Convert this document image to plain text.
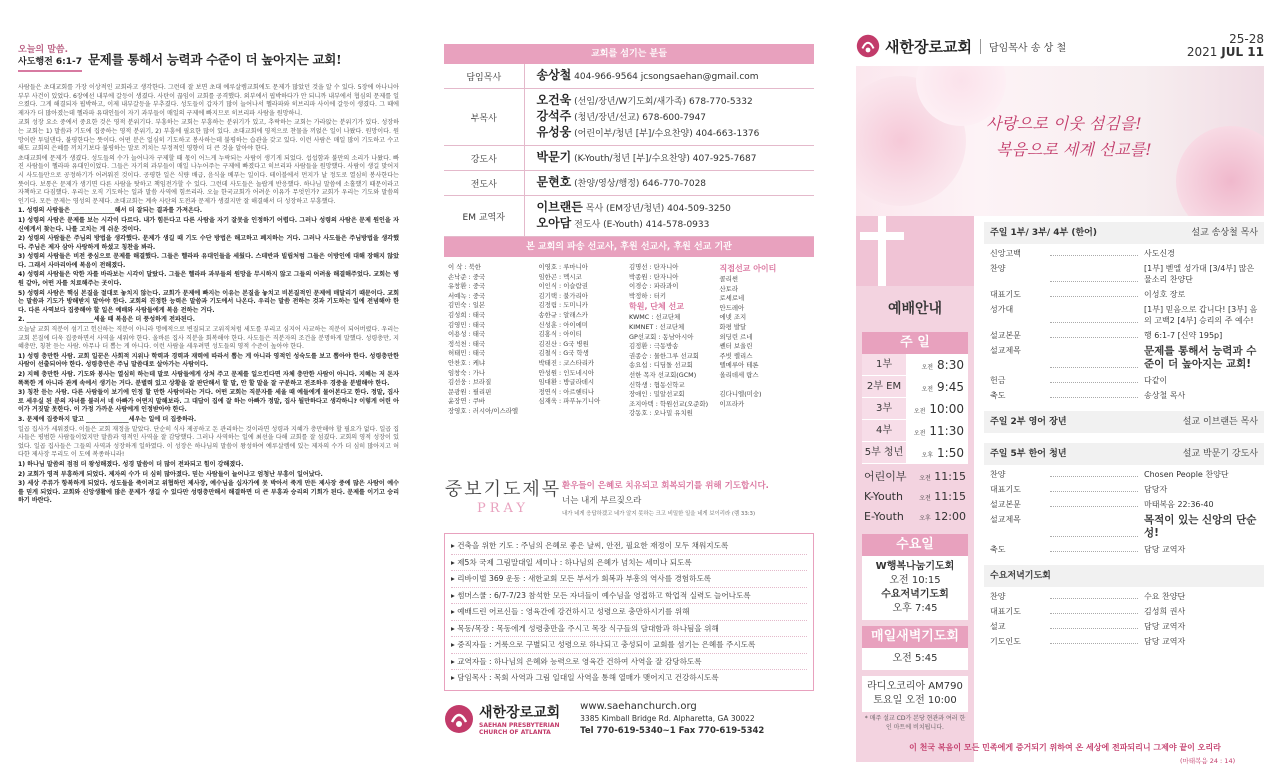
오늘의 말씀.
사도행전 6:1-7 문제를 통해서 능력과 수준이 더 높아지는 교회!

사람들은 초대교회를 가장 이상적인 교회라고 생각한다. 그런데 잘 보면 초대 예루살렘교회에도 문제가 많았던 것을 알 수 있다. 5장에 아나니아 부부 사건이 있었다. 6장에선 내부에 갈등이 생겼다. 사탄이 끊임이 교회를 공격했다. 외부에서 핍박하다가 안 되니까 내부에서 협심의 문제를 일으켰다. 그게 해결되자 핍박하고, 이제 내부갈등을 부추겼다. 성도들이 갑자기 많이 늘어나서 헬라파와 히브리파 사이에 갈등이 생겼다. 그 때에 제자가 더 많아졌는데 헬라파 유대인들이 자기 과부들이 매일의 구제에 빠지므로 히브리파 사람을 원망하니.

교회 성장 요소 중에서 중요한 것은 영적 분위기다. 부흥하는 교회는 부흥하는 분위기가 있고, 추락하는 교회는 가라앉는 분위기가 있다. 성장하는 교회는 1) 말씀과 기도에 집중하는 영적 분위기, 2) 부흥에 필요한 많이 있다. 초대교회에 영적으로 찬물을 끼얹은 일이 나왔다. 원망이다. 원망이란 투덜댄다, 불평한다는 뜻이다. 어떤 분은 얼심히 기도하고 봉사하는데 불평하는 습관을 갖고 있다. 이런 사람은 매일 많이 기도하고 수고해도 교회의 은혜를 끼치기보다 불평하는 말로 끼치는 부정적인 영향이 더 큰 것을 알아야 한다.

초대교회에 문제가 생겼다. 성도들의 수가 늘어나자 구제할 때 몫이 어느게 누락되는 사람이 생기게 되었다. 섭섭함과 불만의 소리가 나왔다. 빠진 사람들이 헬라파 유대인이었다. 그들은 자기의 과부들이 매일 나누어주는 구제에 빠졌다고 히브리파 사람들을 원망했다. 사람이 생길 맞어지시 사도들만으로 공정하기가 어려워진 것이다. 공평한 일은 식량 배급, 음식을 베푸는 일이다. 테이블에서 먼지가 날 정도로 열심히 봉사한다는 뜻이다. 보통은 문제가 생기면 다른 사람을 탓하고 책임전가할 수 있다. 그런데 사도들은 놀랍게 반응했다. 하나님 말씀에 소홀했기 때문이라고 자책하고 다짐했다. 우리는 오직 기도하는 일과 말씀 사역에 힘쓰리라. 오늘 한국교회가 어려운 이유가 무엇인가? 교회가 우리는 기도와 말씀의 인기다. 모든 문제는 영성의 문제다. 초대교회는 계속 사탄의 도전과 문제가 생겼지만 잘 해결해서 더 성장하고 부흥했다.

1. 성령의 사람들은 ______________해서 더 잘되는 결과를 가져온다.

1) 성령의 사람은 문제를 보는 시각이 다르다. 내가 힘든다고 다른 사람을 자기 잘못을 인정하기 어렵다. 그러나 성령의 사람은 문제 원인을 자신에게서 찾는다. 나를 고치는 게 쉬운 것이다.

2) 성령의 사람들은 주님의 방법을 생각했다. 문제가 생길 때 기도 수단 방법은 해고하고 폐지하는 거다. 그러나 사도들은 주님방법을 생각했다. 주님은 제자 삼아 사랑하게 하셨고 칭찬을 봐라.

3) 성령의 사람들은 비전 중심으로 문제를 해결했다. 그들은 헬라파 유대인들을 세웠다. 스데반과 빌립처럼 그들은 이방인에 대해 장해지 않았다. 그래서 사마리아에 복음이 전해졌다.

4) 성령의 사람들은 악한 자를 바라보는 시각이 달랐다. 그들은 헬라파 과부들의 원망을 무시하지 않고 그들의 어려움 해결해주었다. 교회는 병원 같아, 어떤 자를 치료해주는 곳이다.

5) 성령의 사람은 핵심 본질을 절대로 놓치지 않는다. 교회가 문제에 빠지는 이유는 본질을 놓치고 비본질적인 문제에 매달리기 때문이다. 교회는 말씀과 기도가 방해받지 말아야 한다. 교회의 진정한 능력은 말씀과 기도에서 나온다. 우리는 말씀 전하는 것과 기도하는 일에 전념해야 한다. 다른 사역보다 집중해야 할 일은 예배와 사람들에게 복음 전하는 거다.

2. ______________________세울 때 복음은 더 풍성하게 전파된다.

오늘날 교회 직분이 섬기고 헌신하는 직분이 아니라 명예적으로 변질되고 고위직처럼 세도를 부리고 심지어 사교하는 직분이 되어버렸다. 우리는 교회 본질에 더욱 집중하면서 사역을 세워야 한다. 올바른 집사 직분을 회복해야 한다. 사도들은 직분자의 조건을 분명하게 말했다. 성령충만, 지혜충만, 칭찬 듣는 사람. 아무나 더 뽑는 게 아니다. 이런 사람을 세우려면 성도들의 영적 수준이 높아야 한다.

1) 성령 충만한 사람. 교회 일꾼은 사회적 지위나 학력과 경력과 재력에 따라서 뽑는 게 아니라 영적인 성숙도를 보고 뽑아야 한다. 성령충만한 사람이 선출되어야 한다. 성령충만은 주님 말씀대로 살아가는 사람이다.

2) 지혜 충만한 사람. 기도와 봉사는 열심히 하는데 말로 사람들에게 상처 주고 문제를 일으킨다면 자체 충만한 사람이 아니다. 지혜는 저 돈자 똑똑한 게 아니라 관계 속에서 생기는 거다. 분별력 있고 상황을 잘 판단해서 할 말, 안 할 말을 잘 구분하고 전조하우 경중을 분별해야 한다.

3) 칭찬 듣는 사람. 다른 사람들이 보기에 인정 할 만한 사람이라는 거다. 어떤 교회는 직분자를 세울 때 예들에게 물어본다고 한다. 정말, 집사로 세우실 된 분의 자녀를 불러서 네 아빠가 어떤지 말해보라. 그 대답이 집에 잘 하는 아빠가 정말, 집사 될만하다고 생각하니? 이렇게 어린 아이가 거짓말 못한다. 이 가정 가까운 사람에게 인정받아야 한다.

3. 문제에 집중하지 말고 ______________세우는 일에 더 집중하라.

일곱 집사가 세워졌다. 이들은 교회 재정을 맡았다. 단순히 식사 제공하고 돈 관리하는 것이라면 성령과 지혜가 충만해야 할 필요가 없다. 일곱 집사들은 평범한 사람들이었지만 말씀과 영적인 사역을 잘 감당했다. 그러나 사역하는 일에 최선을 다해 교회를 잘 섬겼다. 교회의 영적 성장이 있었다. 일곱 집사들은 그들의 사역과 성장하게 일하였다. 이 성장은 하나님의 말씀이 왕성하여 예루살렘에 있는 제자의 수가 더 심히 많아지고 허다한 제사장 무리도 이 도에 복종하니라!

1) 하나님 말씀의 점점 더 왕성해졌다. 성경 말씀이 더 많이 전파되고 힘이 강해졌다.

2) 교회가 영적 부흥하게 되었다. 제자의 수가 더 심히 많아졌다. 믿는 사람들이 늘어나고 엄청난 부흥이 일어났다.

3) 세상 주류가 항복하게 되었다. 성도들을 죽이려고 위협하던 제사장, 예수님을 십자가에 못 박아서 죽게 만든 제사장 중에 많은 사람이 예수를 믿게 되었다. 교회와 신앙생활에 많은 문제가 생길 수 있다만 성령충만해서 해결하면 더 큰 부흥과 승리의 기회가 된다. 문제를 이기고 승리하기 바란다.

교회를 섬기는 분들
담임목사	송상철 404-966-9564 jcsongsaehan@gmail.com

부목사	오건욱 (선임/장년/W기도회/새가족) 678-770-5332
강석주 (청년/장년/선교) 678-600-7947
유성웅 (어린이부/청년 [부]/수요찬양) 404-663-1376

강도사	박문기 (K-Youth/청년 [부]/수요찬양) 407-925-7687

전도사	문현호 (찬양/영상/행정) 646-770-7028

EM 교역자	이브랜든 목사 (EM장년/청년) 404-509-3250
오아담 전도사 (E-Youth) 414-578-0933
본 교회의 파송 선교사, 후원 선교사, 후원 선교 기관
이 삭 : 북한
손낙준 : 중국
유창환 : 중국
서예녹 : 중국
김민숙 : 일본
김성희 : 태국
김영민 : 태국
이용성 : 태국
정석천 : 태국
허태민 : 태국
안찬호 : 케냐
임창숙 : 가나
김선웅 : 브라질
문광원 : 필리핀
윤장연 : 쿠바
장영호 : 러시아/이스라엘
이영호 : 루마니아
임한곤 : 멕시코
이인식 : 이슬람권
김기택 : 불가리아
김정림 : 도미니카
송한규 : 알래스카
신성훈 : 아이에미
김홍식 : 아이티
김진산 : G국 병원
김철식 : G국 학생
박태진 : 코스타리카
안성원 : 인도네시아
임대환 : 방글라데시
정연식 : 아르헨티나
심재욱 : 파푸뉴기니아
김명선 : 탄자니아
박종원 : 탄자니아
이경승 : 파라과이
박정하 : 터키
학원, 단체 선교
KWMC : 선교단체
KIMNET : 선교단체
GP선교회 : 동남아시아
김정환 : 극동방송
권종승 : 물한그루 선교회
송요섭 : 디딤돌 선교회
선한 목자 선교회(GCM)
신학생 : 협동신학교
장애인 : 밀알선교회
조지아텍 : 학원선교(오준화)
강동호 : 오나밀 유치원
직접선교 아이티
콜리썬
산토라
로셰로네
안드레아
에넷 조지
화평 발달
외딩린 르네
쎈터 보울린
주빗 렐리스
텔메루아 테론
올리데세 랍스

김다니엘(미숭)
이프라카
중보기도제목
PRAY
환우들이 은혜로 치유되고 회복되기를 위해 기도합시다.
너는 내게 부르짖으라
내가 네게 응답하겠고 네가 알지 못하는 크고 비밀한 일을 네게 보이리라 (렘 33:3)
▸ 건축을 위한 기도 : 주님의 은혜로 좋은 날씨, 안전, 필요한 재정이 모두 채워지도록
▸ 제5차 국제 그림말대일 세미나 : 하나님의 은혜가 넘치는 세미나 되도록
▸ 리바이벌 369 운동 : 새한교회 모든 부서가 회복과 부흥의 역사를 경험하도록
▸ 썸머스쿨 : 6/7-7/23 참석한 모든 자녀들이 예수님을 영접하고 학업적 실력도 늘어나도록
▸ 예배드린 어르신들 : 영육간에 강건하시고 성령으로 충만하시기를 위해
▸ 목동/목장 : 목동에게 성령충만을 주시고 목장 식구들의 담대함과 하나됨을 위해
▸ 중직자들 : 거룩으로 구별되고 성령으로 하나되고 충성되이 교회를 섬기는 은혜를 주시도록
▸ 교역자들 : 하나님의 은혜와 능력으로 영육간 건하여 사역을 잘 감당하도록
▸ 담임목사 : 목회 사역과 그림 일대일 사역을 통해 열매가 맺어지고 건강하시도록
새한장로교회
SAEHAN PRESBYTERIAN
CHURCH OF ATLANTA
www.saehanchurch.org
3385 Kimball Bridge Rd. Alpharetta, GA 30022
Tel 770-619-5340~1 Fax 770-619-5342
새한장로교회	담임목사 송 상 철
25-28
2021 JUL 11
사랑으로 이웃 섬김을!
복음으로 세계 선교를!
예배안내
주 일
1부	오전 8:30
2부 EM	오전 9:45
3부	오전 10:00
4부	오전 11:30
5부 청년	오후 1:50
어린이부 오전 11:15
K-Youth	오전 11:15
E-Youth	오후 12:00
수요일
W행복나눔기도회
오전 10:15
수요저녁기도회
오후 7:45
매일새벽기도회
오전 5:45
라디오코리아 AM790
토요일 오전 10:00
* 매주 설교 CD가 본당 현관과 여러 한인 마트에 비치됩니다.
주일 1부/ 3부/ 4부 (한어)	설교 송상철 목사
신앙고백	사도신경
찬양	[1부] 벧엘 성가대 [3/4부] 많은 물소리 찬양단
대표기도	이성호 장로
성가대	[1부] 믿음으로 갑니다! [3부] 음의 고백2 [4부] 승리의 주 예수!
설교본문	행 6:1-7 [신약 195p]
설교제목	문제를 통해서 능력과 수준이 더 높아지는 교회!
헌금	다같이
축도	송상철 목사
주일 2부 영어 장년	설교 이브랜든 목사
주일 5부 한어 청년	설교 박문기 강도사
찬양	Chosen People 찬양단
대표기도	담당자
설교본문	마태복음 22:36-40
설교제목	목적이 있는 신앙의 단순성!
축도	담당 교역자
수요저녁기도회
찬양	수요 찬양단
대표기도	김성희 권사
설교	담당 교역자
기도인도	담당 교역자
이 천국 복음이 모든 민족에게 증거되기 위하여 온 세상에 전파되리니 그제야 끝이 오리라
(마태복음 24 : 14)
